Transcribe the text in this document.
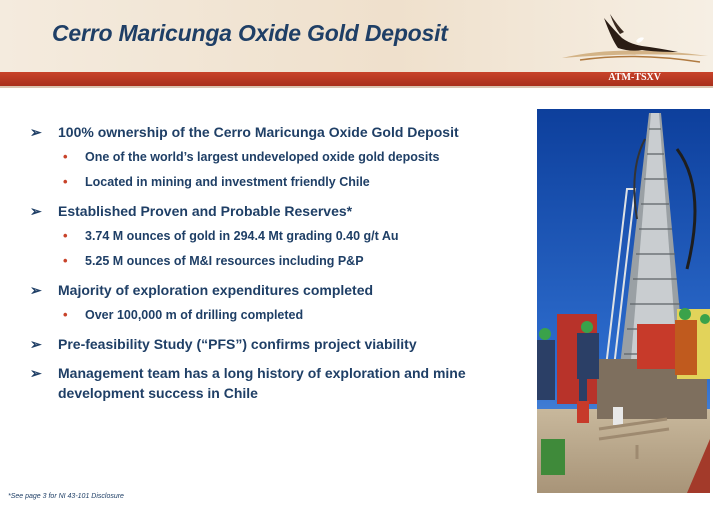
Cerro Maricunga Oxide Gold Deposit
ATM-TSXV
➢ 100% ownership of the Cerro Maricunga Oxide Gold Deposit
• One of the world’s largest undeveloped oxide gold deposits
• Located in mining and investment friendly Chile
➢ Established Proven and Probable Reserves*
• 3.74 M ounces of gold in 294.4 Mt grading 0.40 g/t Au
• 5.25 M ounces of M&I resources including P&P
➢ Majority of exploration expenditures completed
• Over 100,000 m of drilling completed
➢ Pre-feasibility Study (“PFS”) confirms project viability
➢ Management team has a long history of exploration and mine development success in Chile
*See page 3 for NI 43-101 Disclosure
